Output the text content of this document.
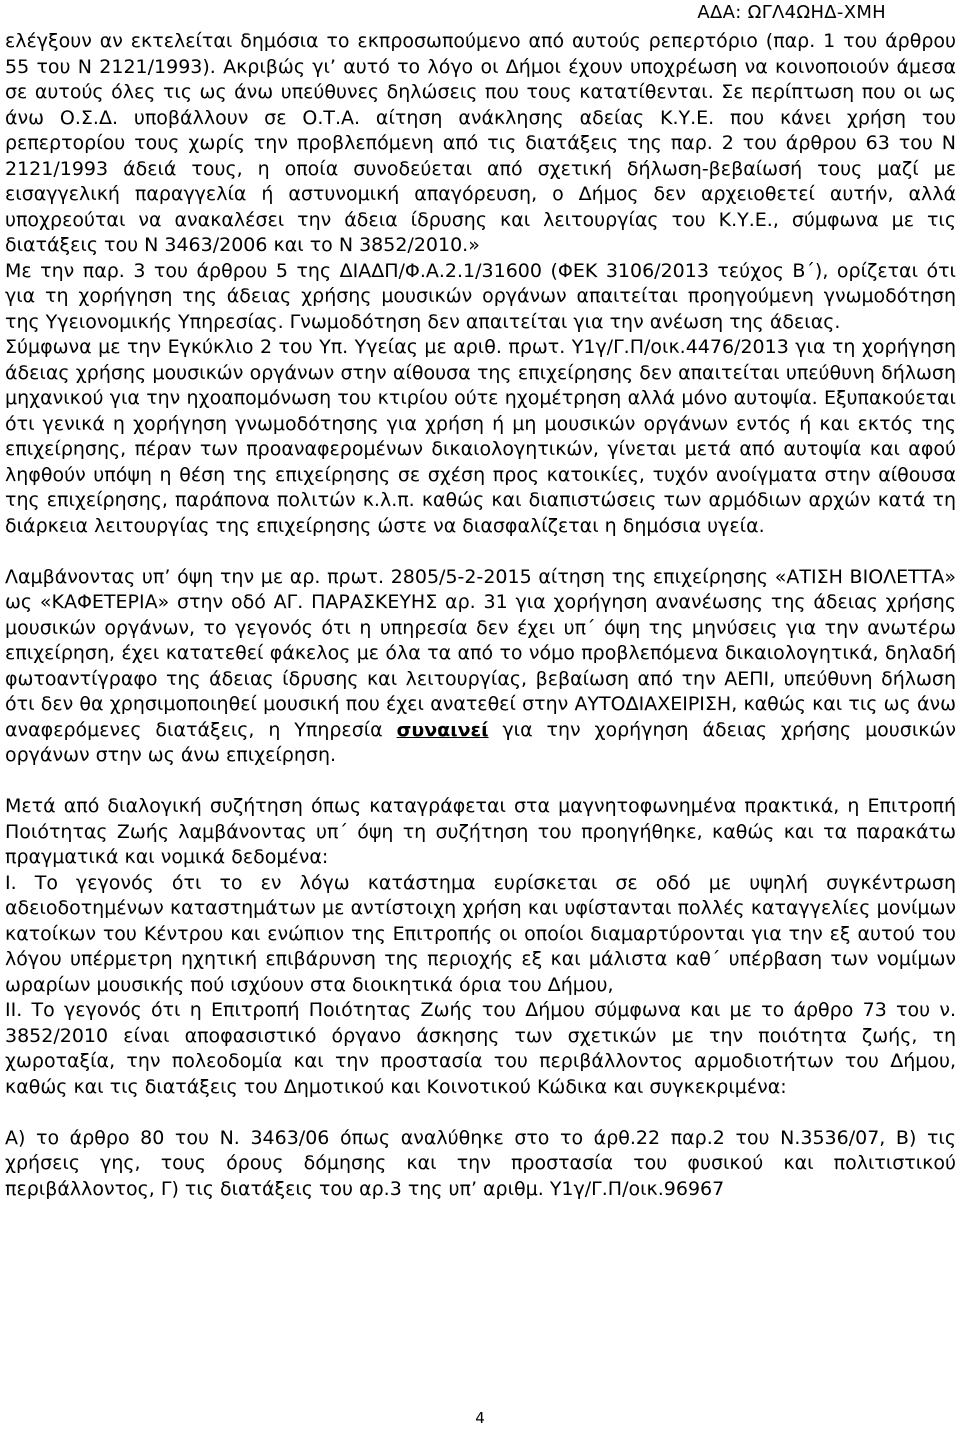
ΑΔΑ: ΩΓΛ4ΩΗΔ-ΧΜΗ

ελέγξουν αν εκτελείται δημόσια το εκπροσωπούμενο από αυτούς ρεπερτόριο (παρ. 1 του άρθρου 55 του Ν 2121/1993). Ακριβώς γι’ αυτό το λόγο οι Δήμοι έχουν υποχρέωση να κοινοποιούν άμεσα σε αυτούς όλες τις ως άνω υπεύθυνες δηλώσεις που τους κατατίθενται. Σε περίπτωση που οι ως άνω Ο.Σ.Δ. υποβάλλουν σε Ο.Τ.Α. αίτηση ανάκλησης αδείας Κ.Υ.Ε. που κάνει χρήση του ρεπερτορίου τους χωρίς την προβλεπόμενη από τις διατάξεις της παρ. 2 του άρθρου 63 του Ν 2121/1993 άδειά τους, η οποία συνοδεύεται από σχετική δήλωση-βεβαίωσή τους μαζί με εισαγγελική παραγγελία ή αστυνομική απαγόρευση, ο Δήμος δεν αρχειοθετεί αυτήν, αλλά υποχρεούται να ανακαλέσει την άδεια ίδρυσης και λειτουργίας του Κ.Υ.Ε., σύμφωνα με τις διατάξεις του Ν 3463/2006 και το Ν 3852/2010.»

Με την παρ. 3 του άρθρου 5 της ΔΙΑΔΠ/Φ.Α.2.1/31600 (ΦΕΚ 3106/2013 τεύχος Β΄), ορίζεται ότι για τη χορήγηση της άδειας χρήσης μουσικών οργάνων απαιτείται προηγούμενη γνωμοδότηση της Υγειονομικής Υπηρεσίας. Γνωμοδότηση δεν απαιτείται για την ανέωση της άδειας.

Σύμφωνα με την Εγκύκλιο 2 του Υπ. Υγείας με αριθ. πρωτ. Υ1γ/Γ.Π/οικ.4476/2013 για τη χορήγηση άδειας χρήσης μουσικών οργάνων στην αίθουσα της επιχείρησης δεν απαιτείται υπεύθυνη δήλωση μηχανικού για την ηχοαπομόνωση του κτιρίου ούτε ηχομέτρηση αλλά μόνο αυτοψία. Εξυπακούεται ότι γενικά η χορήγηση γνωμοδότησης για χρήση ή μη μουσικών οργάνων εντός ή και εκτός της επιχείρησης, πέραν των προαναφερομένων δικαιολογητικών, γίνεται μετά από αυτοψία και αφού ληφθούν υπόψη η θέση της επιχείρησης σε σχέση προς κατοικίες, τυχόν ανοίγματα στην αίθουσα της επιχείρησης, παράπονα πολιτών κ.λ.π. καθώς και διαπιστώσεις των αρμόδιων αρχών κατά τη διάρκεια λειτουργίας της επιχείρησης ώστε να διασφαλίζεται η δημόσια υγεία.

Λαμβάνοντας υπ’ όψη την με αρ. πρωτ. 2805/5-2-2015 αίτηση της επιχείρησης «ΑΤΙΣΗ ΒΙΟΛΕΤΤΑ» ως «ΚΑΦΕΤΕΡΙΑ» στην οδό ΑΓ. ΠΑΡΑΣΚΕΥΗΣ αρ. 31 για χορήγηση ανανέωσης της άδειας χρήσης μουσικών οργάνων, το γεγονός ότι η υπηρεσία δεν έχει υπ΄ όψη της μηνύσεις για την ανωτέρω επιχείρηση, έχει κατατεθεί φάκελος με όλα τα από το νόμο προβλεπόμενα δικαιολογητικά, δηλαδή φωτοαντίγραφο της άδειας ίδρυσης και λειτουργίας, βεβαίωση από την ΑΕΠΙ, υπεύθυνη δήλωση ότι δεν θα χρησιμοποιηθεί μουσική που έχει ανατεθεί στην ΑΥΤΟΔΙΑΧΕΙΡΙΣΗ, καθώς και τις ως άνω αναφερόμενες διατάξεις, η Υπηρεσία συναινεί για την χορήγηση άδειας χρήσης μουσικών οργάνων στην ως άνω επιχείρηση.

Μετά από διαλογική συζήτηση όπως καταγράφεται στα μαγνητοφωνημένα πρακτικά, η Επιτροπή Ποιότητας Ζωής λαμβάνοντας υπ΄ όψη τη συζήτηση του προηγήθηκε, καθώς και τα παρακάτω πραγματικά και νομικά δεδομένα:

I. Το γεγονός ότι το εν λόγω κατάστημα ευρίσκεται σε οδό με υψηλή συγκέντρωση αδειοδοτημένων καταστημάτων με αντίστοιχη χρήση και υφίστανται πολλές καταγγελίες μονίμων κατοίκων του Κέντρου και ενώπιον της Επιτροπής οι οποίοι διαμαρτύρονται για την εξ αυτού του λόγου υπέρμετρη ηχητική επιβάρυνση της περιοχής εξ και μάλιστα καθ΄ υπέρβαση των νομίμων ωραρίων μουσικής πού ισχύουν στα διοικητικά όρια του Δήμου,

II. Το γεγονός ότι η Επιτροπή Ποιότητας Ζωής του Δήμου σύμφωνα και με το άρθρο 73 του ν. 3852/2010 είναι αποφασιστικό όργανο άσκησης των σχετικών με την ποιότητα ζωής, τη χωροταξία, την πολεοδομία και την προστασία του περιβάλλοντος αρμοδιοτήτων του Δήμου, καθώς και τις διατάξεις του Δημοτικού και Κοινοτικού Κώδικα και συγκεκριμένα:

Α) το άρθρο 80 του Ν. 3463/06 όπως αναλύθηκε στο το άρθ.22 παρ.2 του Ν.3536/07, Β) τις χρήσεις γης, τους όρους δόμησης και την προστασία του φυσικού και πολιτιστικού περιβάλλοντος, Γ) τις διατάξεις του αρ.3 της υπ’ αριθμ. Υ1γ/Γ.Π/οικ.96967

4
